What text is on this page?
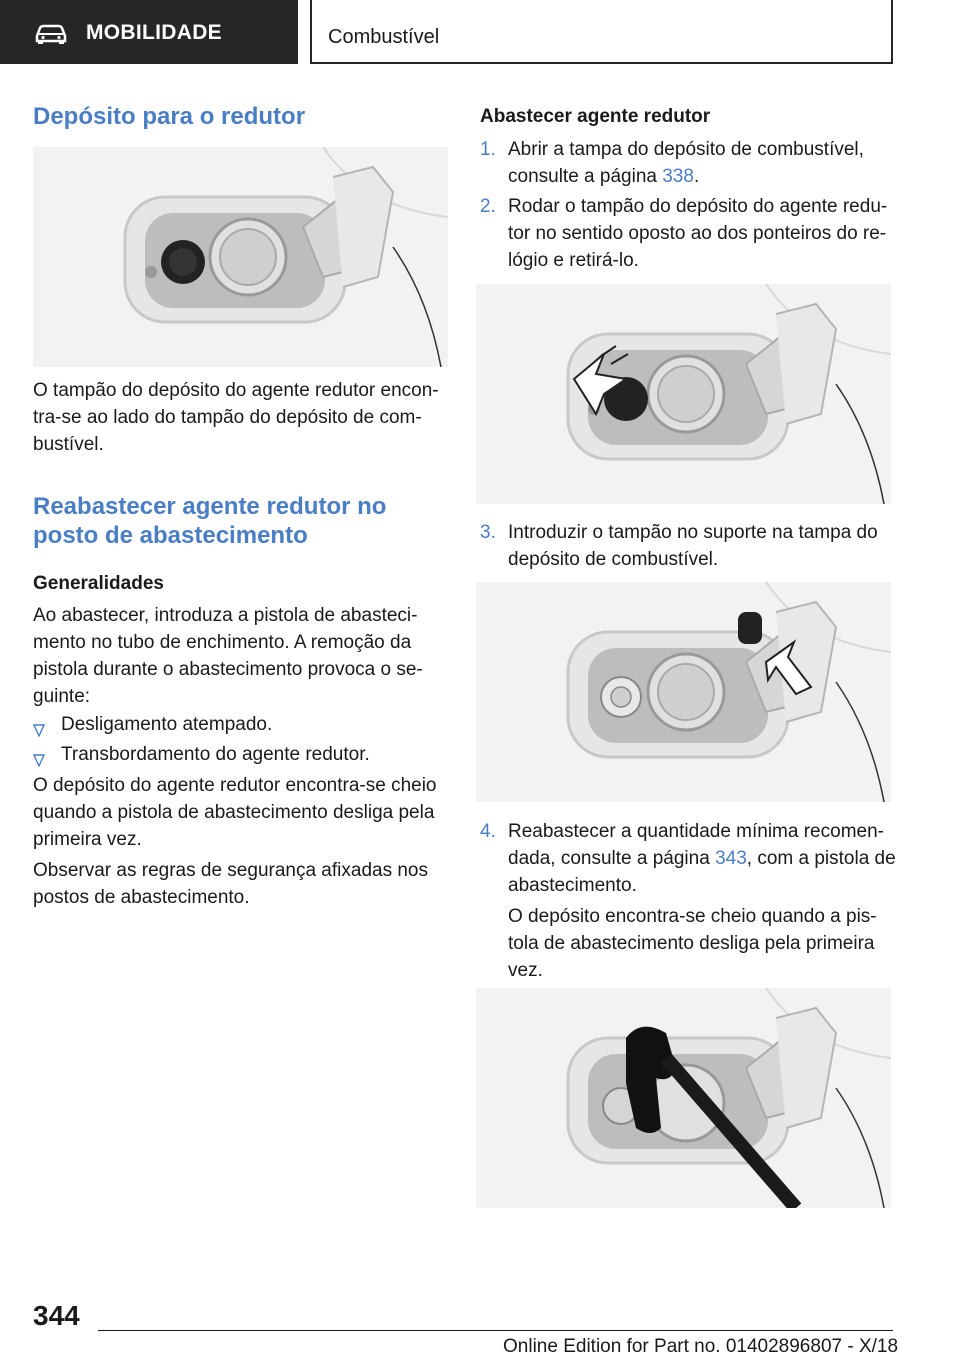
MOBILIDADE	Combustível
Depósito para o redutor
O tampão do depósito do agente redutor encon-
tra-se ao lado do tampão do depósito de com-
bustível.
Reabastecer agente redutor no
posto de abastecimento
Generalidades
Ao abastecer, introduza a pistola de abasteci-
mento no tubo de enchimento. A remoção da
pistola durante o abastecimento provoca o se-
guinte:
Desligamento atempado.
Transbordamento do agente redutor.
O depósito do agente redutor encontra-se cheio
quando a pistola de abastecimento desliga pela
primeira vez.
Observar as regras de segurança afixadas nos
postos de abastecimento.
Abastecer agente redutor
1. Abrir a tampa do depósito de combustível,
consulte a página 338.
2. Rodar o tampão do depósito do agente redu-
tor no sentido oposto ao dos ponteiros do re-
lógio e retirá-lo.
3. Introduzir o tampão no suporte na tampa do
depósito de combustível.
4. Reabastecer a quantidade mínima recomen-
dada, consulte a página 343, com a pistola de
abastecimento.
O depósito encontra-se cheio quando a pis-
tola de abastecimento desliga pela primeira
vez.
344
Online Edition for Part no. 01402896807 - X/18
